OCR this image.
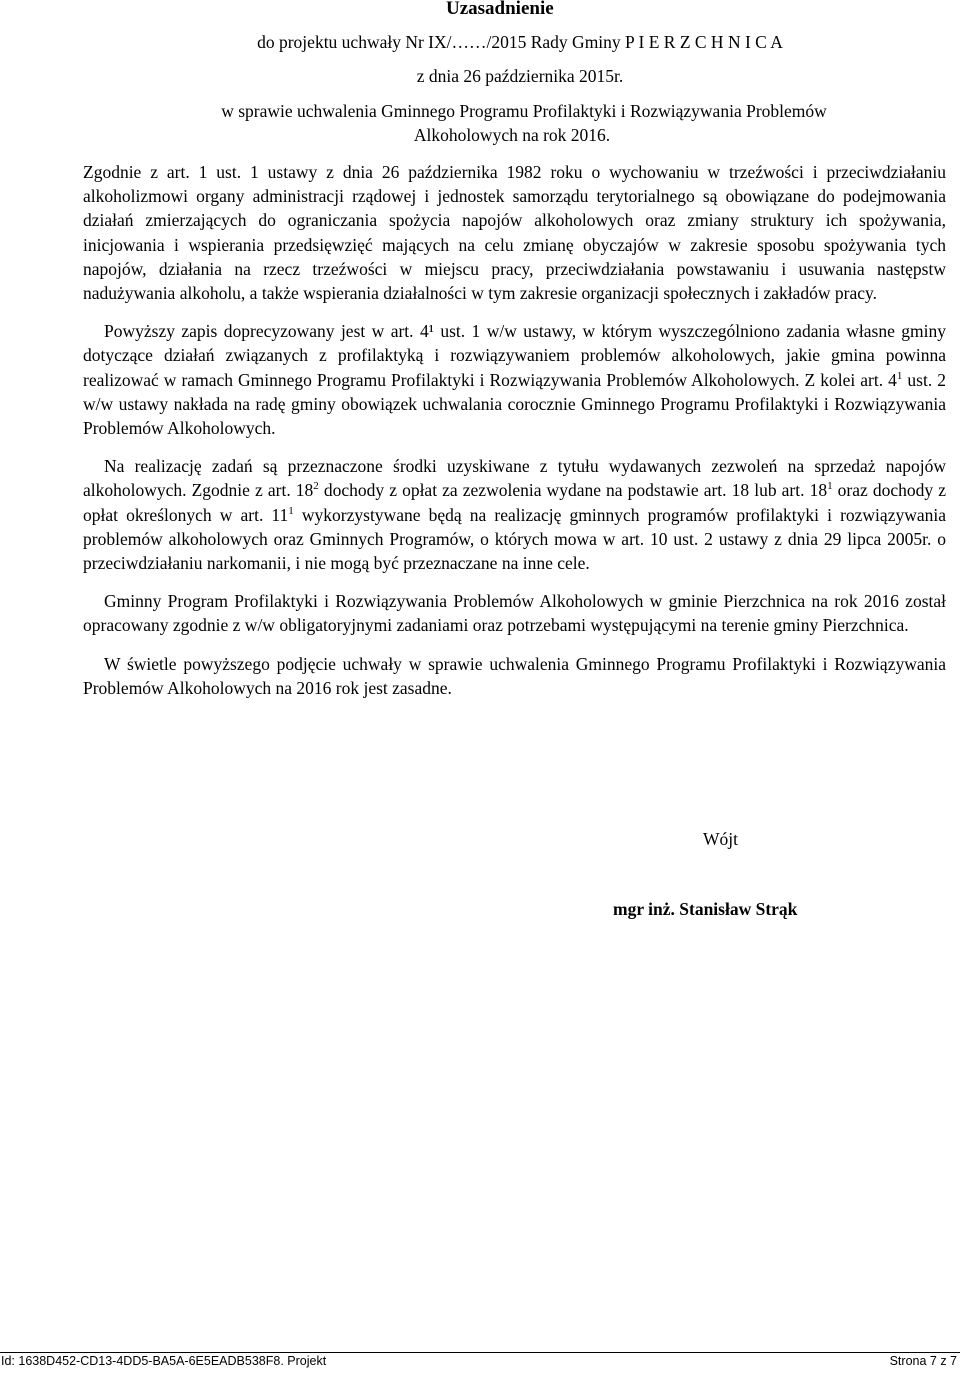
Uzasadnienie
do projektu uchwały Nr IX/……/2015 Rady Gminy P I E R Z C H N I C A
z dnia 26 października 2015r.
w sprawie uchwalenia Gminnego Programu Profilaktyki i Rozwiązywania Problemów
Alkoholowych na rok 2016.

Zgodnie z art. 1 ust. 1 ustawy z dnia 26 października 1982 roku o wychowaniu w trzeźwości i przeciwdziałaniu alkoholizmowi organy administracji rządowej i jednostek samorządu terytorialnego są obowiązane do podejmowania działań zmierzających do ograniczania spożycia napojów alkoholowych oraz zmiany struktury ich spożywania, inicjowania i wspierania przedsięwzięć mających na celu zmianę obyczajów w zakresie sposobu spożywania tych napojów, działania na rzecz trzeźwości w miejscu pracy, przeciwdziałania powstawaniu i usuwania następstw nadużywania alkoholu, a także wspierania działalności w tym zakresie organizacji społecznych i zakładów pracy.

Powyższy zapis doprecyzowany jest w art. 4¹ ust. 1 w/w ustawy, w którym wyszczególniono zadania własne gminy dotyczące działań związanych z profilaktyką i rozwiązywaniem problemów alkoholowych, jakie gmina powinna realizować w ramach Gminnego Programu Profilaktyki i Rozwiązywania Problemów Alkoholowych. Z kolei art. $4^1$ ust. 2 w/w ustawy nakłada na radę gminy obowiązek uchwalania corocznie Gminnego Programu Profilaktyki i Rozwiązywania Problemów Alkoholowych.

Na realizację zadań są przeznaczone środki uzyskiwane z tytułu wydawanych zezwoleń na sprzedaż napojów alkoholowych. Zgodnie z art. $18^2$ dochody z opłat za zezwolenia wydane na podstawie art. 18 lub art. $18^1$ oraz dochody z opłat określonych w art. $11^1$ wykorzystywane będą na realizację gminnych programów profilaktyki i rozwiązywania problemów alkoholowych oraz Gminnych Programów, o których mowa w art. 10 ust. 2 ustawy z dnia 29 lipca 2005r. o przeciwdziałaniu narkomanii, i nie mogą być przeznaczane na inne cele.

Gminny Program Profilaktyki i Rozwiązywania Problemów Alkoholowych w gminie Pierzchnica na rok 2016 został opracowany zgodnie z w/w obligatoryjnymi zadaniami oraz potrzebami występującymi na terenie gminy Pierzchnica.

W świetle powyższego podjęcie uchwały w sprawie uchwalenia Gminnego Programu Profilaktyki i Rozwiązywania Problemów Alkoholowych na 2016 rok jest zasadne.

Wójt
mgr inż. Stanisław Strąk
Id: 1638D452-CD13-4DD5-BA5A-6E5EADB538F8. Projekt	Strona 7 z 7
